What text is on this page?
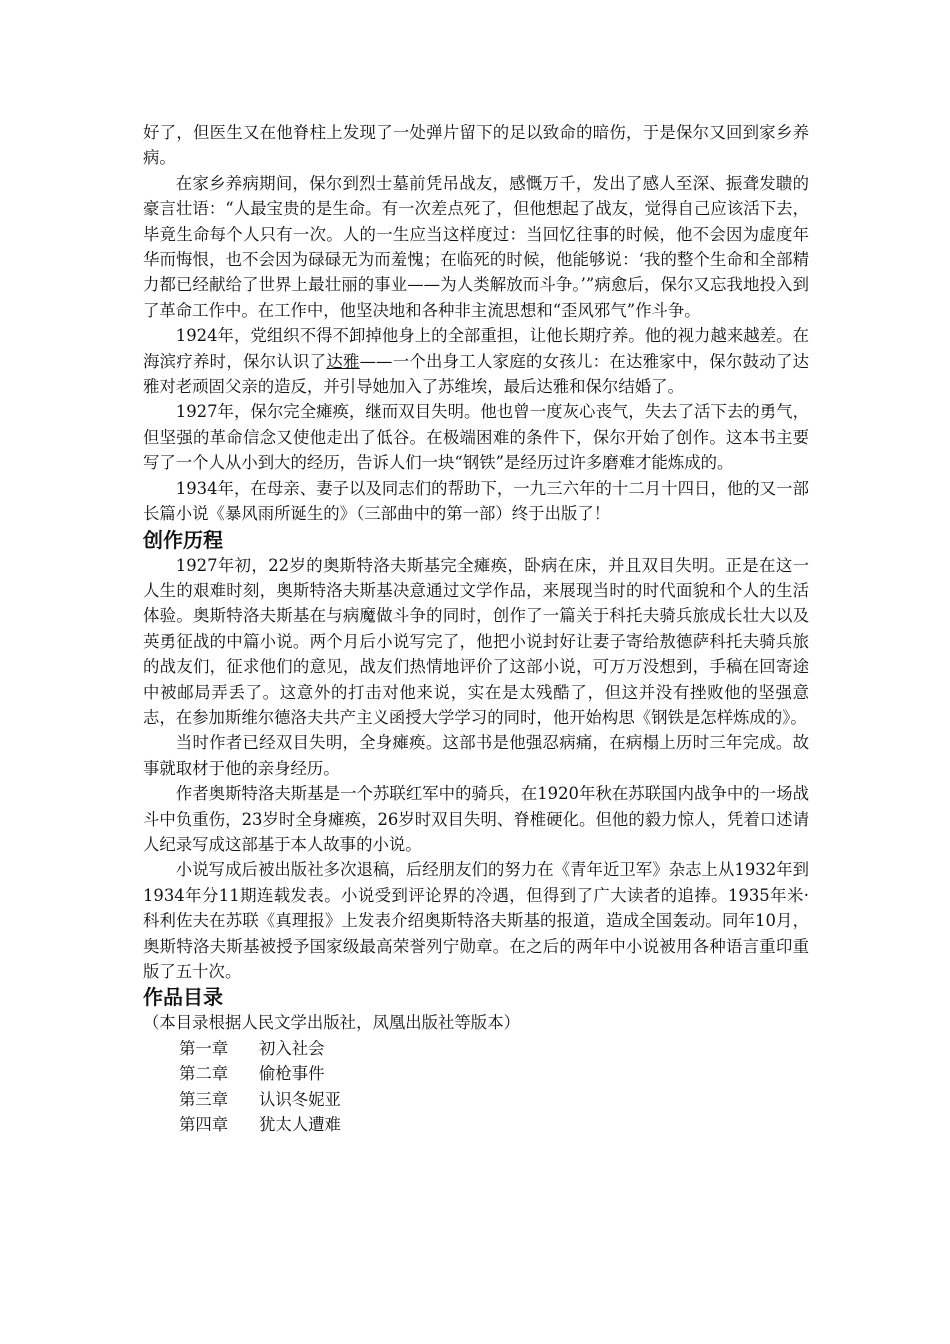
好了，但医生又在他脊柱上发现了一处弹片留下的足以致命的暗伤，于是保尔又回到家乡养病。

在家乡养病期间，保尔到烈士墓前凭吊战友，感慨万千，发出了感人至深、振聋发聩的豪言壮语：“人最宝贵的是生命。有一次差点死了，但他想起了战友，觉得自己应该活下去，毕竟生命每个人只有一次。人的一生应当这样度过：当回忆往事的时候，他不会因为虚度年华而悔恨，也不会因为碌碌无为而羞愧；在临死的时候，他能够说：‘我的整个生命和全部精力都已经献给了世界上最壮丽的事业——为人类解放而斗争。’”病愈后，保尔又忘我地投入到了革命工作中。在工作中，他坚决地和各种非主流思想和“歪风邪气”作斗争。

1924年，党组织不得不卸掉他身上的全部重担，让他长期疗养。他的视力越来越差。在海滨疗养时，保尔认识了达雅——一个出身工人家庭的女孩儿：在达雅家中，保尔鼓动了达雅对老顽固父亲的造反，并引导她加入了苏维埃，最后达雅和保尔结婚了。

1927年，保尔完全瘫痪，继而双目失明。他也曾一度灰心丧气，失去了活下去的勇气，但坚强的革命信念又使他走出了低谷。在极端困难的条件下，保尔开始了创作。这本书主要写了一个人从小到大的经历，告诉人们一块“钢铁”是经历过许多磨难才能炼成的。

1934年，在母亲、妻子以及同志们的帮助下，一九三六年的十二月十四日，他的又一部长篇小说《暴风雨所诞生的》（三部曲中的第一部）终于出版了！

创作历程

1927年初，22岁的奥斯特洛夫斯基完全瘫痪，卧病在床，并且双目失明。正是在这一人生的艰难时刻，奥斯特洛夫斯基决意通过文学作品，来展现当时的时代面貌和个人的生活体验。奥斯特洛夫斯基在与病魔做斗争的同时，创作了一篇关于科托夫骑兵旅成长壮大以及英勇征战的中篇小说。两个月后小说写完了，他把小说封好让妻子寄给敖德萨科托夫骑兵旅的战友们，征求他们的意见，战友们热情地评价了这部小说，可万万没想到，手稿在回寄途中被邮局弄丢了。这意外的打击对他来说，实在是太残酷了，但这并没有挫败他的坚强意志，在参加斯维尔德洛夫共产主义函授大学学习的同时，他开始构思《钢铁是怎样炼成的》。

当时作者已经双目失明，全身瘫痪。这部书是他强忍病痛，在病榻上历时三年完成。故事就取材于他的亲身经历。

作者奥斯特洛夫斯基是一个苏联红军中的骑兵，在1920年秋在苏联国内战争中的一场战斗中负重伤，23岁时全身瘫痪，26岁时双目失明、脊椎硬化。但他的毅力惊人，凭着口述请人纪录写成这部基于本人故事的小说。

小说写成后被出版社多次退稿，后经朋友们的努力在《青年近卫军》杂志上从1932年到1934年分11期连载发表。小说受到评论界的冷遇，但得到了广大读者的追捧。1935年米·科利佐夫在苏联《真理报》上发表介绍奥斯特洛夫斯基的报道，造成全国轰动。同年10月，奥斯特洛夫斯基被授予国家级最高荣誉列宁勋章。在之后的两年中小说被用各种语言重印重版了五十次。

作品目录

（本目录根据人民文学出版社，凤凰出版社等版本）

第一章 初入社会
第二章 偷枪事件
第三章 认识冬妮亚
第四章 犹太人遭难
